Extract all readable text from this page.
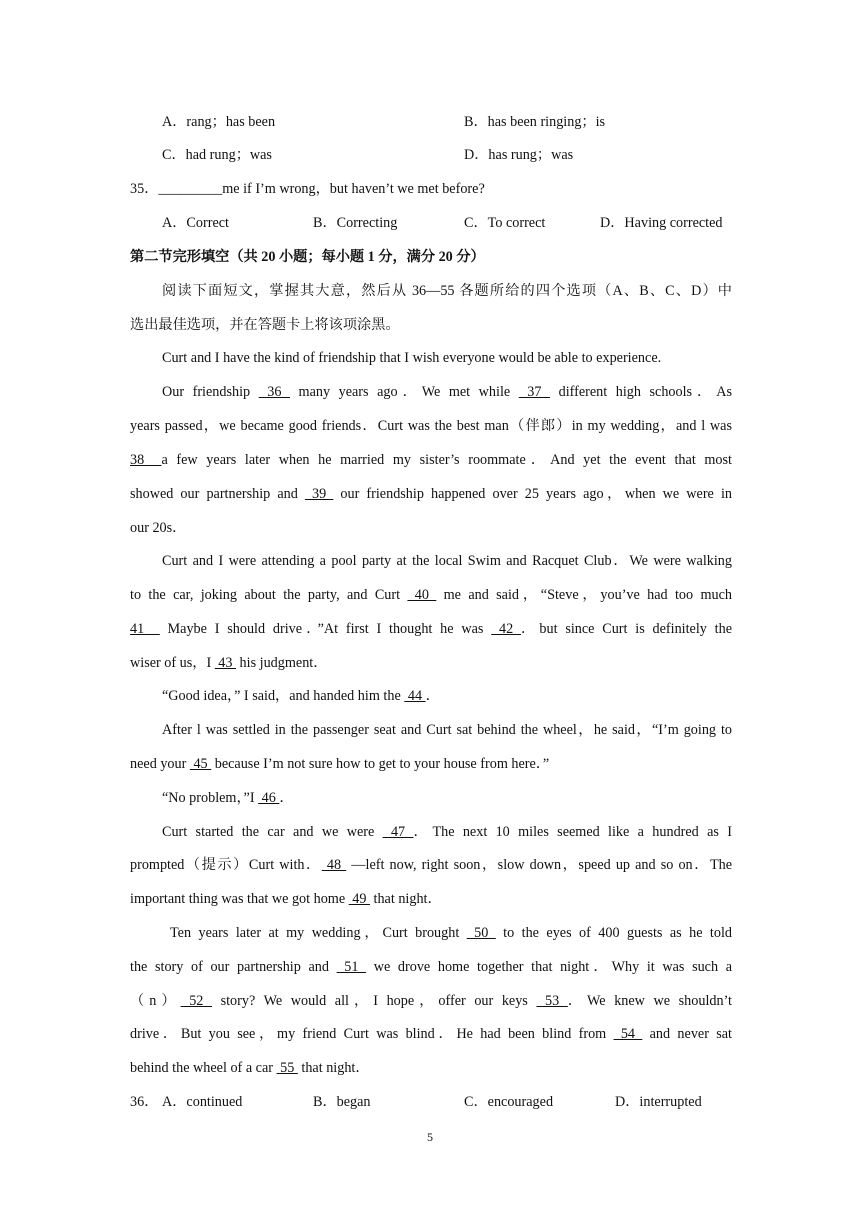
A．rang；has been	B．has been ringing；is
C．had rung；was	D．has rung；was
35．_________me if I’m wrong，but haven’t we met before?
A．Correct	B．Correcting	C．To correct	D．Having corrected
第二节完形填空（共 20 小题；每小题 1 分，满分 20 分）
阅读下面短文，掌握其大意，然后从 36—55 各题所给的四个选项（A、B、C、D）中
选出最佳选项，并在答题卡上将该项涂黑。
Curt and I have the kind of friendship that I wish everyone would be able to experience.
Our friendship  36  many years ago．We met while  37  different high schools．As
years passed，we became good friends．Curt was the best man（伴郎）in my wedding，and l was
38  a few years later when he married my sister’s roommate．And yet the event that most
showed our partnership and  39  our friendship happened over 25 years ago，when we were in
our 20s．
Curt and I were attending a pool party at the local Swim and Racquet Club．We were walking
to the car, joking about the party, and Curt  40  me and said，“Steve，you’ve had too much
41   Maybe I should drive．”At first I thought he was  42 ．but since Curt is definitely the
wiser of us，I  43  his judgment．
“Good idea，” I said，and handed him the  44 ．
After l was settled in the passenger seat and Curt sat behind the wheel，he said，“I’m going to
need your  45  because I’m not sure how to get to your house from here．”
“No problem，”I  46 ．
Curt started the car and we were  47 ．The next 10 miles seemed like a hundred as I
prompted（提示）Curt with． 48  —left now, right soon，slow down，speed up and so on．The
important thing was that we got home  49  that night．
Ten years later at my wedding，Curt brought  50  to the eyes of 400 guests as he told
the story of our partnership and  51  we drove home together that night．Why it was such a
（n） 52  story? We would all，I hope，offer our keys  53 ．We knew we shouldn’t
drive．But you see，my friend Curt was blind．He had been blind from  54  and never sat
behind the wheel of a car  55  that night．
36． A．continued	B．began	C．encouraged	D．interrupted
5
